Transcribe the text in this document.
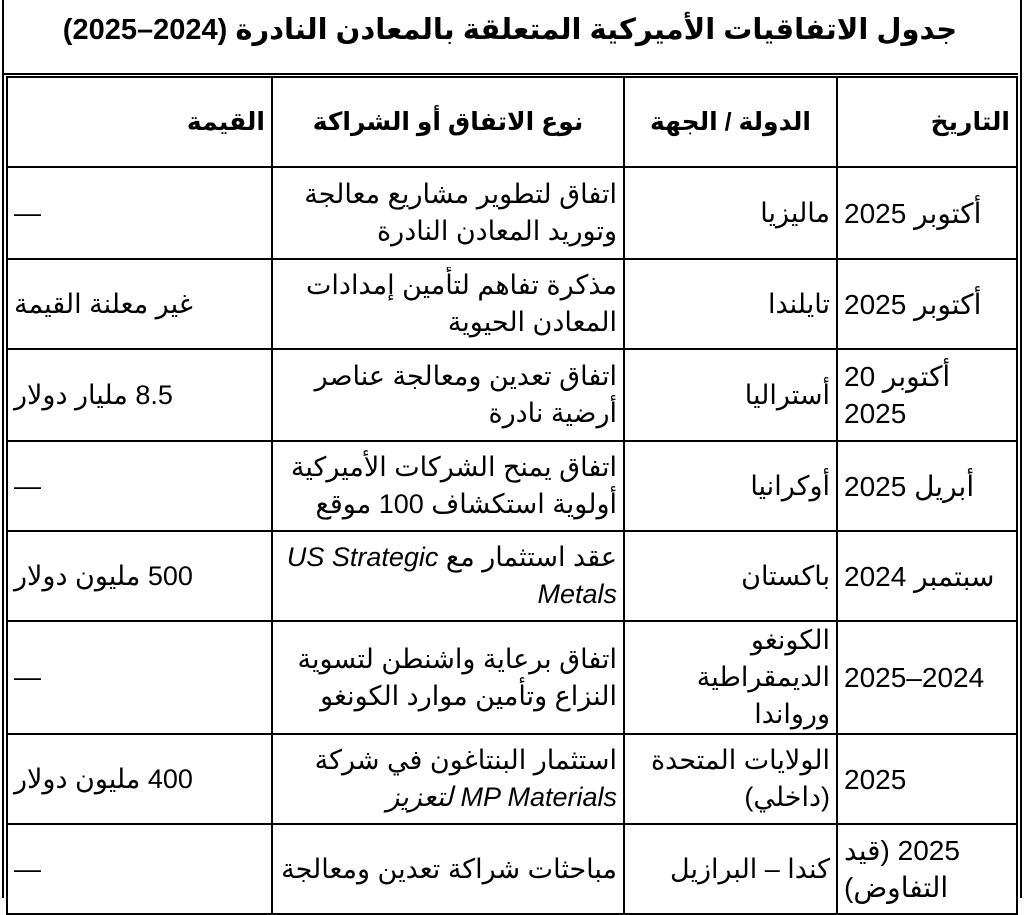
جدول الاتفاقيات الأميركية المتعلقة بالمعادن النادرة (2024–2025)
التاريخ	الدولة / الجهة	نوع الاتفاق أو الشراكة	القيمة
أكتوبر 2025	ماليزيا	اتفاق لتطوير مشاريع معالجة وتوريد المعادن النادرة	—
أكتوبر 2025	تايلندا	مذكرة تفاهم لتأمين إمدادات المعادن الحيوية	غير معلنة القيمة
أكتوبر 20 2025	أستراليا	اتفاق تعدين ومعالجة عناصر أرضية نادرة	8.5 مليار دولار
أبريل 2025	أوكرانيا	اتفاق يمنح الشركات الأميركية أولوية استكشاف 100 موقع	—
سبتمبر 2024	باكستان	عقد استثمار مع US Strategic Metals	500 مليون دولار
2024–2025	الكونغو الديمقراطية ورواندا	اتفاق برعاية واشنطن لتسوية النزاع وتأمين موارد الكونغو	—
2025	الولايات المتحدة (داخلي)	استثمار البنتاغون في شركة MP Materials لتعزيز	400 مليون دولار
2025 (قيد التفاوض)	كندا – البرازيل	مباحثات شراكة تعدين ومعالجة	—
